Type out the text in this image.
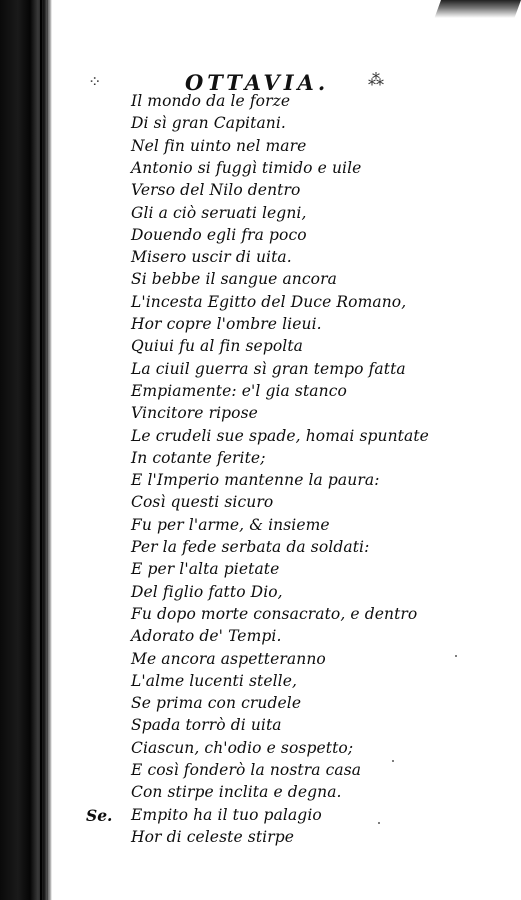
⁘	OTTAVIA. ⁂
Il mondo da le forze
Di sì gran Capitani.
Nel fin uinto nel mare
Antonio si fuggì timido e uile
Verso del Nilo dentro
Gli a ciò seruati legni,
Douendo egli fra poco
Misero uscir di uita.
Si bebbe il sangue ancora
L'incesta Egitto del Duce Romano,
Hor copre l'ombre lieui.
Quiui fu al fin sepolta
La ciuil guerra sì gran tempo fatta
Empiamente: e'l gia stanco
Vincitore ripose
Le crudeli sue spade, homai spuntate
In cotante ferite;
E l'Imperio mantenne la paura:
Così questi sicuro
Fu per l'arme, & insieme
Per la fede serbata da soldati:
E per l'alta pietate
Del figlio fatto Dio,
Fu dopo morte consacrato, e dentro
Adorato de' Tempi.
Me ancora aspetteranno
L'alme lucenti stelle,
Se prima con crudele
Spada torrò di uita
Ciascun, ch'odio e sospetto;
E così fonderò la nostra casa
Con stirpe inclita e degna.
Se. Empito ha il tuo palagio
Hor di celeste stirpe
